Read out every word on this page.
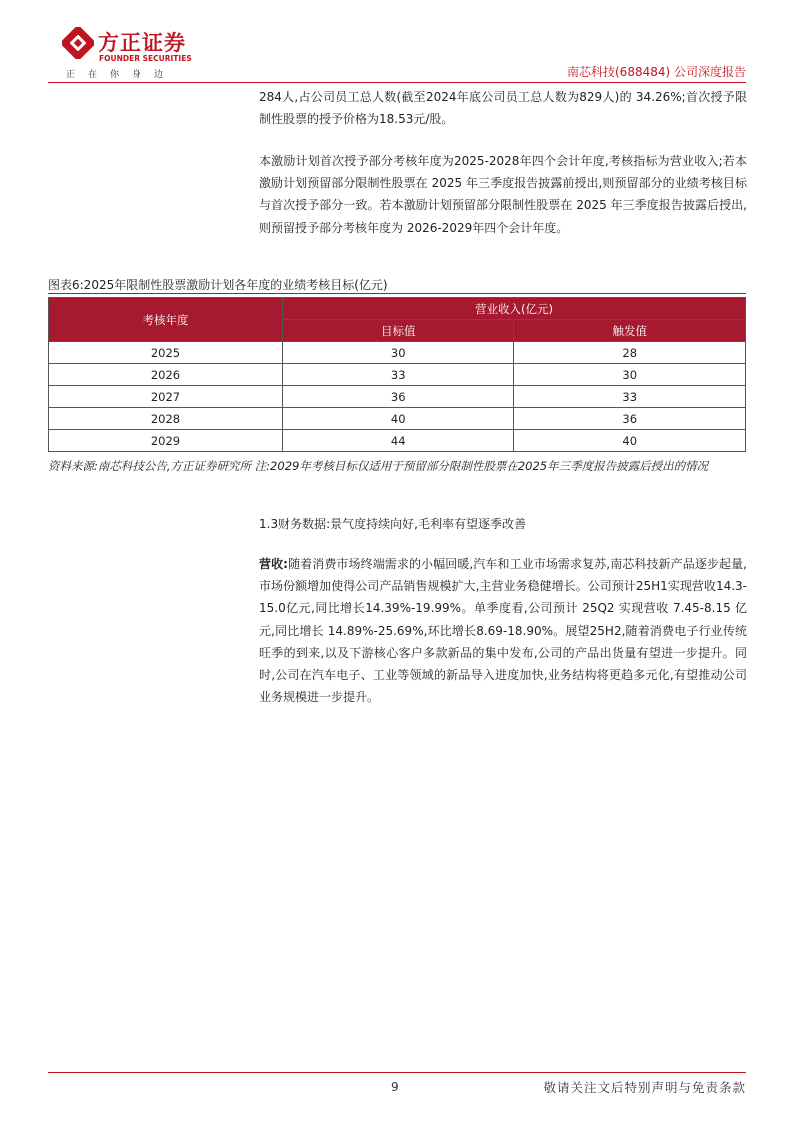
方正证券
FOUNDER SECURITIES
正在你身边	南芯科技(688484) 公司深度报告

284人,占公司员工总人数(截至2024年底公司员工总人数为829人)的 34.26%;首次授予限制性股票的授予价格为18.53元/股。

本激励计划首次授予部分考核年度为2025-2028年四个会计年度,考核指标为营业收入;若本激励计划预留部分限制性股票在 2025 年三季度报告披露前授出,则预留部分的业绩考核目标与首次授予部分一致。若本激励计划预留部分限制性股票在 2025 年三季度报告披露后授出,则预留授予部分考核年度为 2026-2029年四个会计年度。

图表6:2025年限制性股票激励计划各年度的业绩考核目标(亿元)
考核年度	营业收入(亿元)	
	目标值	触发值
2025	30	28
2026	33	30
2027	36	33
2028	40	36
2029	44	40

资料来源:南芯科技公告,方正证券研究所 注:2029年考核目标仅适用于预留部分限制性股票在2025年三季度报告披露后授出的情况

1.3财务数据:景气度持续向好,毛利率有望逐季改善

营收:随着消费市场终端需求的小幅回暖,汽车和工业市场需求复苏,南芯科技新产品逐步起量,市场份额增加使得公司产品销售规模扩大,主营业务稳健增长。公司预计25H1实现营收14.3-15.0亿元,同比增长14.39%-19.99%。单季度看,公司预计 25Q2 实现营收 7.45-8.15 亿元,同比增长 14.89%-25.69%,环比增长8.69-18.90%。展望25H2,随着消费电子行业传统旺季的到来,以及下游核心客户多款新品的集中发布,公司的产品出货量有望进一步提升。同时,公司在汽车电子、工业等领域的新品导入进度加快,业务结构将更趋多元化,有望推动公司业务规模进一步提升。

9	敬请关注文后特别声明与免责条款
